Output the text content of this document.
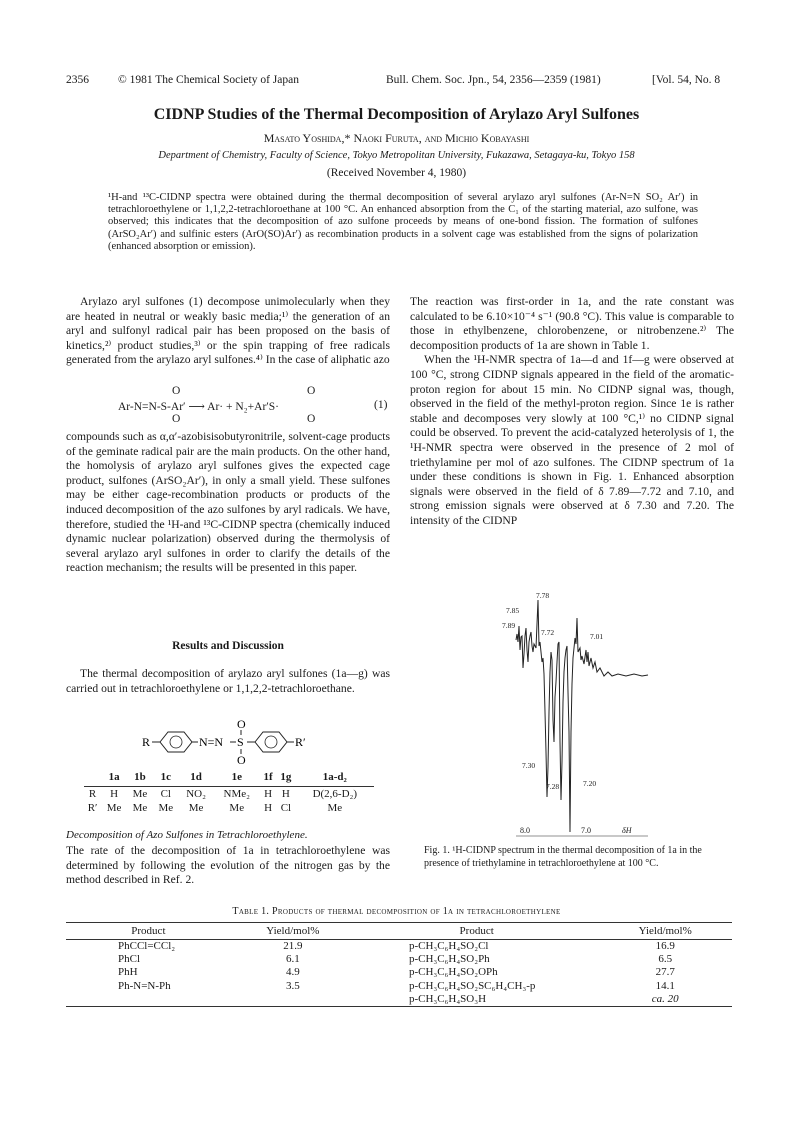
2356	© 1981 The Chemical Society of Japan	Bull. Chem. Soc. Jpn., 54, 2356—2359 (1981)	[Vol. 54, No. 8
CIDNP Studies of the Thermal Decomposition of Arylazo Aryl Sulfones
Masato Yoshida,* Naoki Furuta, and Michio Kobayashi
Department of Chemistry, Faculty of Science, Tokyo Metropolitan University, Fukazawa, Setagaya-ku, Tokyo 158
(Received November 4, 1980)
¹H-and ¹³C-CIDNP spectra were obtained during the thermal decomposition of several arylazo aryl sulfones (Ar-N=N SO₂ Ar′) in tetrachloroethylene or 1,1,2,2-tetrachloroethane at 100 °C. An enhanced absorption from the C₁ of the starting material, azo sulfone, was observed; this indicates that the decomposition of azo sulfone proceeds by means of one-bond fission. The formation of sulfones (ArSO₂Ar′) and sulfinic esters (ArO(SO)Ar′) as recombination products in a solvent cage was established from the signs of polarization (enhanced absorption or emission).

Arylazo aryl sulfones (1) decompose unimolecularly when they are heated in neutral or weakly basic media;¹⁾ the generation of an aryl and sulfonyl radical pair has been proposed on the basis of kinetics,²⁾ product studies,³⁾ or the spin trapping of free radicals generated from the arylazo aryl sulfones.⁴⁾ In the case of aliphatic azo

O	O
Ar-N=N-S-Ar′ ⟶ Ar· + N₂+Ar′S·	(1)
O	O

compounds such as α,α′-azobisisobutyronitrile, solvent-cage products of the geminate radical pair are the main products. On the other hand, the homolysis of arylazo aryl sulfones gives the expected cage product, sulfones (ArSO₂Ar′), in only a small yield. These sulfones may be either cage-recombination products or products of the induced decomposition of the azo sulfones by aryl radicals. We have, therefore, studied the ¹H-and ¹³C-CIDNP spectra (chemically induced dynamic nuclear polarization) observed during the thermolysis of several arylazo aryl sulfones in order to clarify the details of the reaction mechanism; the results will be presented in this paper.

Results and Discussion

The thermal decomposition of arylazo aryl sulfones (1a—g) was carried out in tetrachloroethylene or 1,1,2,2-tetrachloroethane.

R	N=N S
O
O
R′
	1a	1b	1c	1d	1e	1f	1g	1a-d₂
R	H	Me	Cl	NO₂	NMe₂	H	H	D(2,6-D₂)
R′	Me	Me	Me	Me	Me	H	Cl	Me
Decomposition of Azo Sulfones in Tetrachloroethylene.

The rate of the decomposition of 1a in tetrachloroethylene was determined by following the evolution of the nitrogen gas by the method described in Ref. 2.

The reaction was first-order in 1a, and the rate constant was calculated to be 6.10×10⁻⁴ s⁻¹ (90.8 °C). This value is comparable to those in ethylbenzene, chlorobenzene, or nitrobenzene.²⁾ The decomposition products of 1a are shown in Table 1.

When the ¹H-NMR spectra of 1a—d and 1f—g were observed at 100 °C, strong CIDNP signals appeared in the field of the aromatic-proton region for about 15 min. No CIDNP signal was, though, observed in the field of the methyl-proton region. Since 1e is rather stable and decomposes very slowly at 100 °C,¹⁾ no CIDNP signal could be observed. To prevent the acid-catalyzed heterolysis of 1, the ¹H-NMR spectra were observed in the presence of 2 mol of triethylamine per mol of azo sulfones. The CIDNP spectrum of 1a under these conditions is shown in Fig. 1. Enhanced absorption signals were observed in the field of δ 7.89—7.72 and 7.10, and strong emission signals were observed at δ 7.30 and 7.20. The intensity of the CIDNP

7.78
7.85
7.89
7.72	7.01
7.30
7.28	7.20
8.0	7.0	δH
Fig. 1. ¹H-CIDNP spectrum in the thermal decomposition of 1a in the presence of triethylamine in tetrachloroethylene at 100 °C.
Table 1. Products of thermal decomposition of 1a in tetrachloroethylene
Product	Yield/mol%	Product	Yield/mol%
PhCCl=CCl₂	21.9	p-CH₃C₆H₄SO₂Cl	16.9
PhCl	6.1	p-CH₃C₆H₄SO₂Ph	6.5
PhH	4.9	p-CH₃C₆H₄SO₂OPh	27.7
Ph-N=N-Ph	3.5	p-CH₃C₆H₄SO₂SC₆H₄CH₃-p	14.1
		p-CH₃C₆H₄SO₃H	ca. 20
